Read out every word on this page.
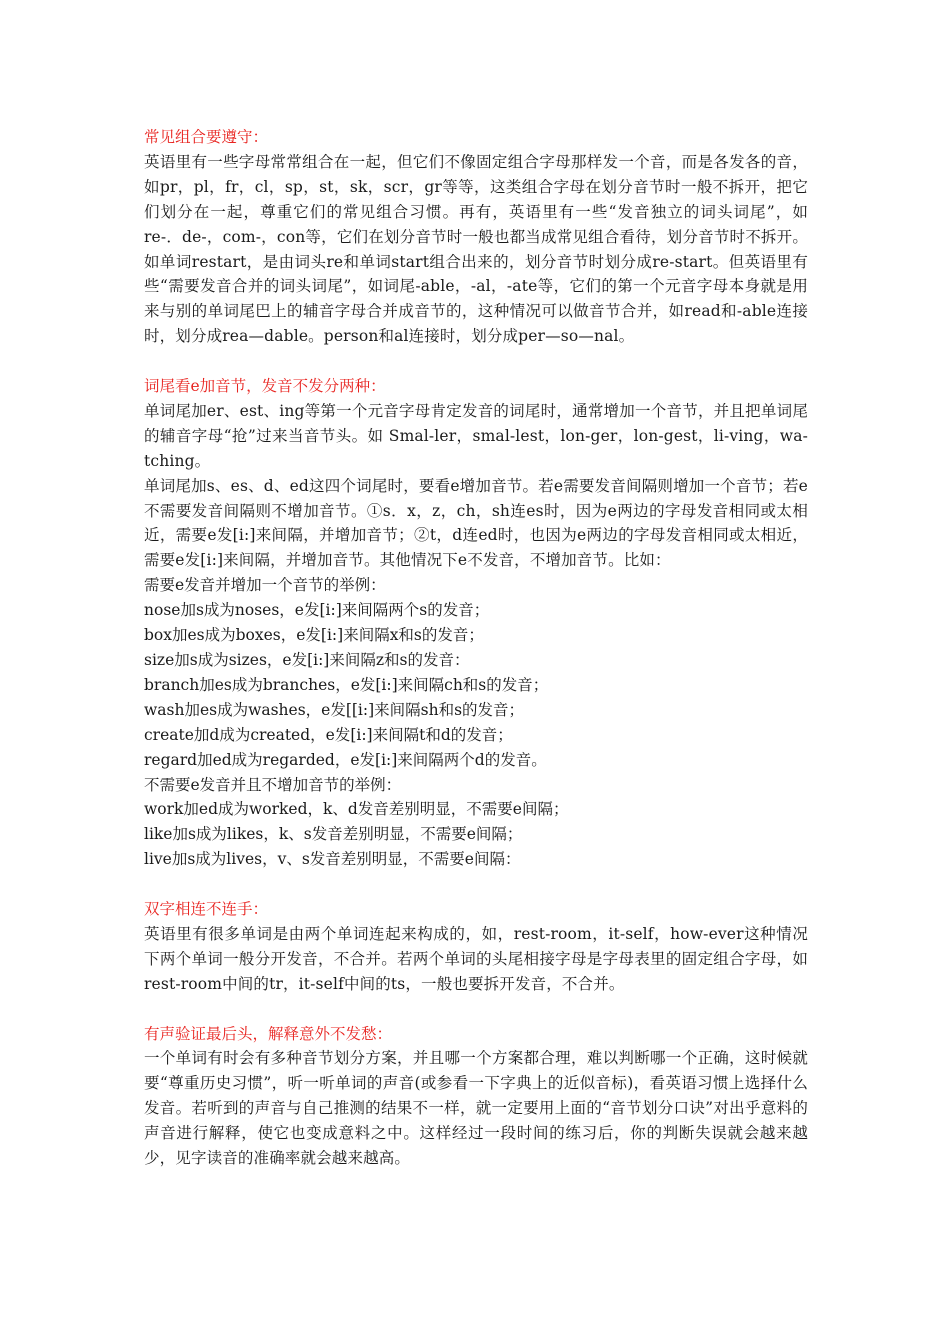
常见组合要遵守：
英语里有一些字母常常组合在一起，但它们不像固定组合字母那样发一个音，而是各发各的音，如pr，pl，fr，cl，sp，st，sk，scr，gr等等，这类组合字母在划分音节时一般不拆开，把它们划分在一起，尊重它们的常见组合习惯。再有，英语里有一些“发音独立的词头词尾”，如re-．de-，com-，con等，它们在划分音节时一般也都当成常见组合看待，划分音节时不拆开。如单词restart，是由词头re和单词start组合出来的，划分音节时划分成re-start。但英语里有些“需要发音合并的词头词尾”，如词尾-able，-al，-ate等，它们的第一个元音字母本身就是用来与别的单词尾巴上的辅音字母合并成音节的，这种情况可以做音节合并，如read和-able连接时，划分成rea—dable。person和al连接时，划分成per—so—nal。
词尾看e加音节，发音不发分两种：
单词尾加er、est、ing等第一个元音字母肯定发音的词尾时，通常增加一个音节，并且把单词尾的辅音字母“抢”过来当音节头。如 Smal-ler，smal-lest，lon-ger，lon-gest，li-ving，wa-tching。
单词尾加s、es、d、ed这四个词尾时，要看e增加音节。若e需要发音间隔则增加一个音节；若e不需要发音间隔则不增加音节。①s．x，z，ch，sh连es时，因为e两边的字母发音相同或太相近，需要e发[i:]来间隔，并增加音节；②t，d连ed时，也因为e两边的字母发音相同或太相近，需要e发[i:]来间隔，并增加音节。其他情况下e不发音，不增加音节。比如：
需要e发音并增加一个音节的举例：
nose加s成为noses，e发[i:]来间隔两个s的发音；
box加es成为boxes，e发[i:]来间隔x和s的发音；
size加s成为sizes，e发[i:]来间隔z和s的发音：
branch加es成为branches，e发[i:]来间隔ch和s的发音；
wash加es成为washes，e发[[i:]来间隔sh和s的发音；
create加d成为created，e发[i:]来间隔t和d的发音；
regard加ed成为regarded，e发[i:]来间隔两个d的发音。
不需要e发音并且不增加音节的举例：
work加ed成为worked，k、d发音差别明显，不需要e间隔；
like加s成为likes，k、s发音差别明显，不需要e间隔；
live加s成为lives，v、s发音差别明显，不需要e间隔：
双字相连不连手：
英语里有很多单词是由两个单词连起来构成的，如，rest-room，it-self，how-ever这种情况下两个单词一般分开发音，不合并。若两个单词的头尾相接字母是字母表里的固定组合字母，如 rest-room中间的tr，it-self中间的ts，一般也要拆开发音，不合并。
有声验证最后头，解释意外不发愁：
一个单词有时会有多种音节划分方案，并且哪一个方案都合理，难以判断哪一个正确，这时候就要“尊重历史习惯”，听一听单词的声音(或参看一下字典上的近似音标)，看英语习惯上选择什么发音。若听到的声音与自己推测的结果不一样，就一定要用上面的“音节划分口诀”对出乎意料的声音进行解释，使它也变成意料之中。这样经过一段时间的练习后，你的判断失误就会越来越少，见字读音的准确率就会越来越高。
